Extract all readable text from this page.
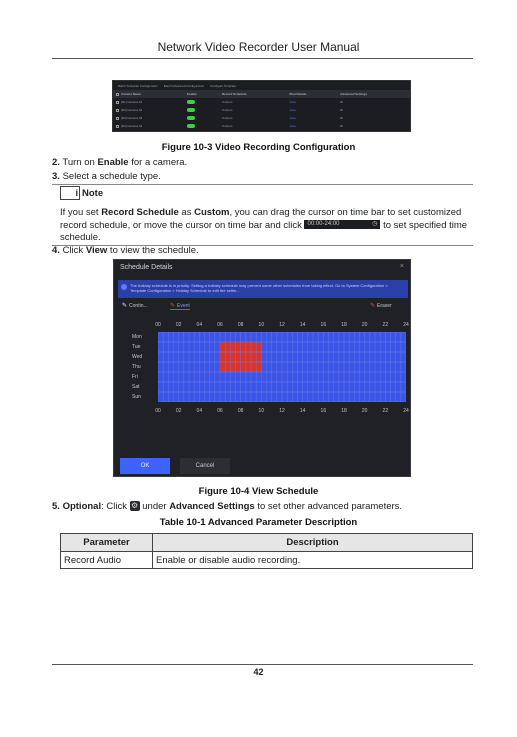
Network Video Recorder User Manual
Batch Schedule Configuration Batch Advanced Configuration Configure Template
Camera Name	Enable	Record Schedule	Plan Details	Advanced Settings
[D1] Camera 01		Custom	View	⚙
[D2] Camera 02		Custom	View	⚙
[D3] Camera 03		Custom	View	⚙
[D4] Camera 04		Custom	View	⚙
Figure 10-3 Video Recording Configuration
2. Turn on Enable for a camera.
3. Select a schedule type.
i Note
If you set Record Schedule as Custom, you can drag the cursor on time bar to set customized
record schedule, or move the cursor on time bar and click 00:00-24:00	◷ to set specified time
schedule.
4. Click View to view the schedule.
Schedule Details	×
The holiday schedule is in priority. Setting a holiday schedule may prevent some other schedules from taking effect. Go to System Configuration > Template Configuration > Holiday Schedule to edit the settin...
✎ Contin...	✎ Event	✎ Eraser
00	02	04	06	08	10	12	14	16	18	20	22	24
Mon
Tue
Wed
Thu
Fri
Sat
Sun
00	02	04	06	08	10	12	14	16	18	20	22	24
OK	Cancel
Figure 10-4 View Schedule
5. Optional: Click ⚙ under Advanced Settings to set other advanced parameters.
Table 10-1 Advanced Parameter Description
Parameter	Description
Record Audio	Enable or disable audio recording.
42
